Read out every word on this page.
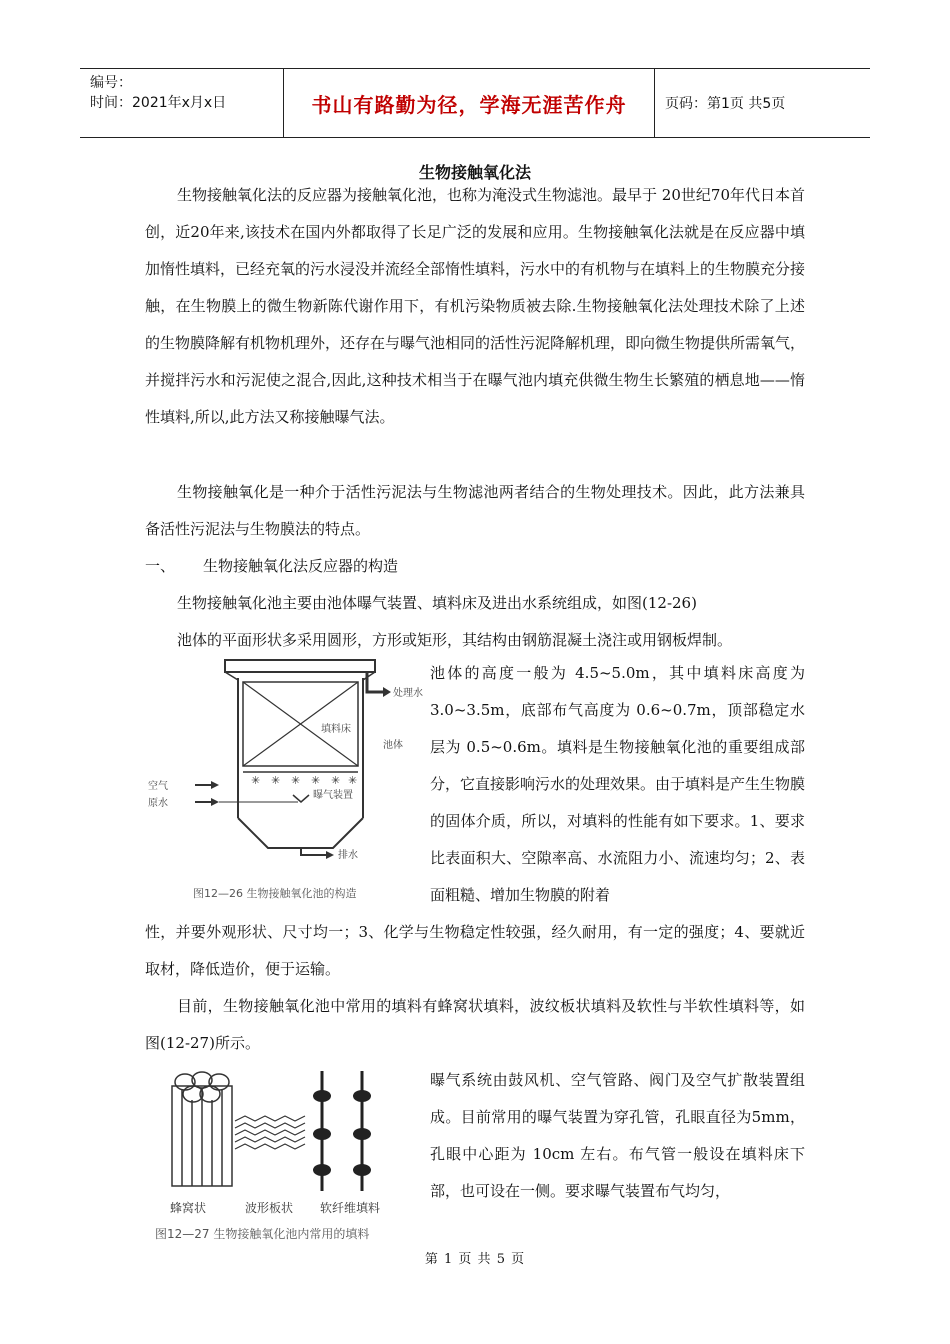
编号：
时间：2021年x月x日	书山有路勤为径，学海无涯苦作舟	页码：第1页 共5页
生物接触氧化法

生物接触氧化法的反应器为接触氧化池，也称为淹没式生物滤池。最早于 20世纪70年代日本首创，近20年来,该技术在国内外都取得了长足广泛的发展和应用。生物接触氧化法就是在反应器中填加惰性填料，已经充氧的污水浸没并流经全部惰性填料，污水中的有机物与在填料上的生物膜充分接触，在生物膜上的微生物新陈代谢作用下，有机污染物质被去除.生物接触氧化法处理技术除了上述的生物膜降解有机物机理外，还存在与曝气池相同的活性污泥降解机理，即向微生物提供所需氧气，并搅拌污水和污泥使之混合,因此,这种技术相当于在曝气池内填充供微生物生长繁殖的栖息地——惰性填料,所以,此方法又称接触曝气法。

生物接触氧化是一种介于活性污泥法与生物滤池两者结合的生物处理技术。因此，此方法兼具备活性污泥法与生物膜法的特点。

一、	生物接触氧化法反应器的构造

生物接触氧化池主要由池体曝气装置、填料床及进出水系统组成，如图(12-26)

池体的平面形状多采用圆形，方形或矩形，其结构由钢筋混凝土浇注或用钢板焊制。

✳ ✳ ✳ ✳ ✳ ✳
处理水
填料床
池体
空气
原水
曝气装置
排水
图12—26 生物接触氧化池的构造

池体的高度一般为 4.5~5.0m，其中填料床高度为3.0~3.5m，底部布气高度为 0.6~0.7m，顶部稳定水层为 0.5~0.6m。填料是生物接触氧化池的重要组成部分，它直接影响污水的处理效果。由于填料是产生生物膜的固体介质，所以，对填料的性能有如下要求。1、要求比表面积大、空隙率高、水流阻力小、流速均匀；2、表面粗糙、增加生物膜的附着

性，并要外观形状、尺寸均一；3、化学与生物稳定性较强，经久耐用，有一定的强度；4、要就近取材，降低造价，便于运输。

目前，生物接触氧化池中常用的填料有蜂窝状填料，波纹板状填料及软性与半软性填料等，如图(12-27)所示。

蜂窝状	波形板状 软纤维填料
图12—27 生物接触氧化池内常用的填料

曝气系统由鼓风机、空气管路、阀门及空气扩散装置组成。目前常用的曝气装置为穿孔管，孔眼直径为5mm，孔眼中心距为 10cm 左右。布气管一般设在填料床下部，也可设在一侧。要求曝气装置布气均匀，

第 1 页 共 5 页
